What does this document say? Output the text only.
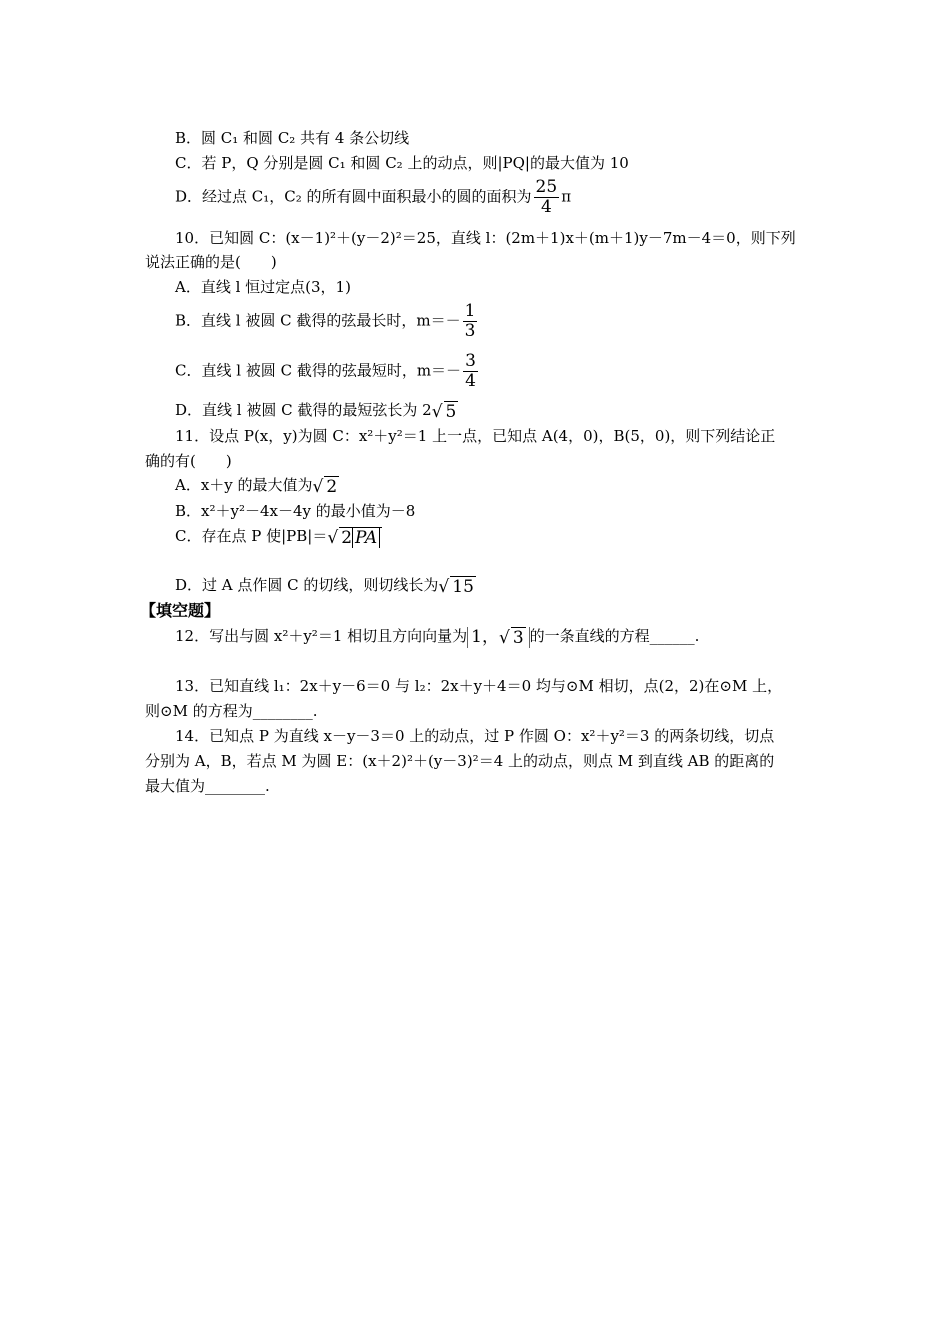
B．圆 C₁ 和圆 C₂ 共有 4 条公切线
C．若 P，Q 分别是圆 C₁ 和圆 C₂ 上的动点，则|PQ|的最大值为 10
D．经过点 C₁，C₂ 的所有圆中面积最小的圆的面积为 $\frac{25}{4}$ π
10．已知圆 C：(x－1)²＋(y－2)²＝25，直线 l：(2m＋1)x＋(m＋1)y－7m－4＝0，则下列
说法正确的是(　　)
A．直线 l 恒过定点(3，1)
B．直线 l 被圆 C 截得的弦最长时，$m=- \frac{1}{3}$
C．直线 l 被圆 C 截得的弦最短时，$m=- \frac{3}{4}$
D．直线 l 被圆 C 截得的最短弦长为 2 √ 5
11．设点 P(x，y)为圆 C：x²＋y²＝1 上一点，已知点 A(4，0)，B(5，0)，则下列结论正
确的有(　　)
A．x＋y 的最大值为 √ 2
B．x²＋y²－4x－4y 的最小值为－8
C．存在点 P 使|PB|＝ √ 2 PA
D．过 A 点作圆 C 的切线，则切线长为 √ 15
【填空题】
12．写出与圆 x²＋y²＝1 相切且方向向量为 1， √ 3 的一条直线的方程______.
13．已知直线 l₁：2x＋y－6＝0 与 l₂：2x＋y＋4＝0 均与⊙M 相切，点(2，2)在⊙M 上，
则⊙M 的方程为________.
14．已知点 P 为直线 x－y－3＝0 上的动点，过 P 作圆 O：x²＋y²＝3 的两条切线，切点
分别为 A，B，若点 M 为圆 E：(x＋2)²＋(y－3)²＝4 上的动点，则点 M 到直线 AB 的距离的
最大值为________.
